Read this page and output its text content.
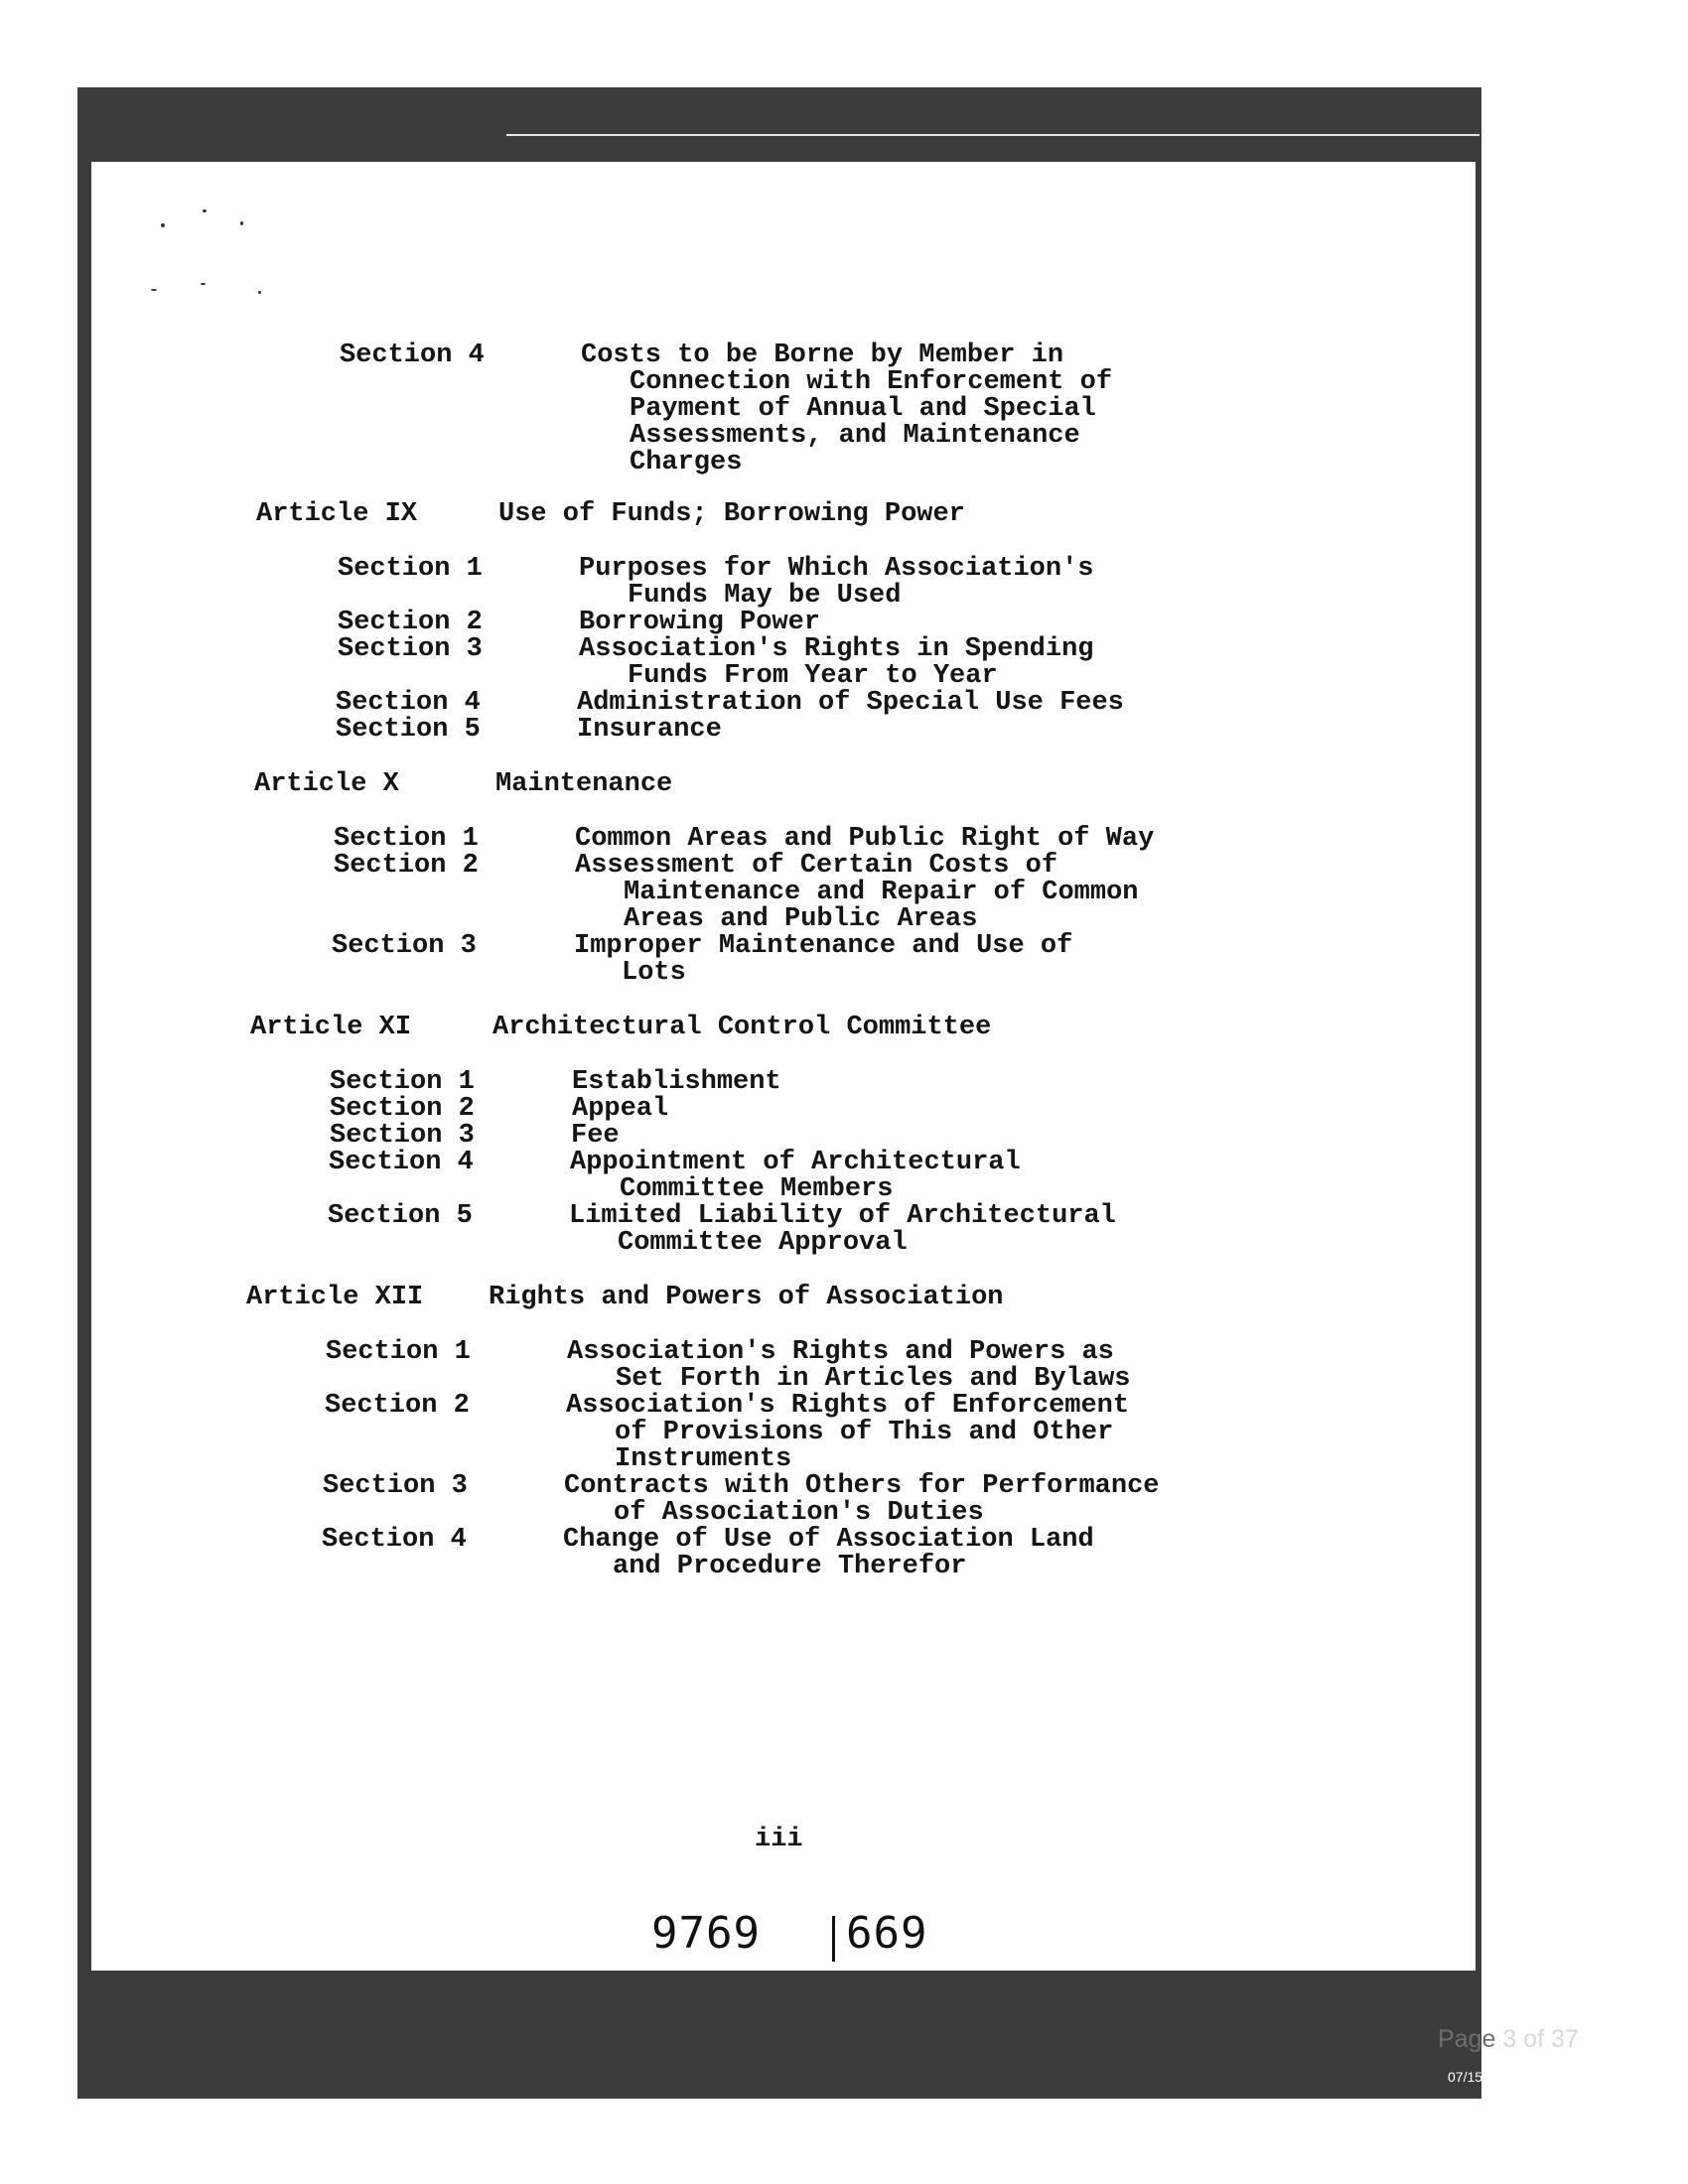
Section 4	Costs to be Borne by Member in
Connection with Enforcement of
Payment of Annual and Special
Assessments, and Maintenance
Charges
Article IX	Use of Funds; Borrowing Power
Section 1	Purposes for Which Association's
Funds May be Used
Section 2	Borrowing Power
Section 3	Association's Rights in Spending
Funds From Year to Year
Section 4	Administration of Special Use Fees
Section 5	Insurance
Article X	Maintenance
Section 1	Common Areas and Public Right of Way
Section 2	Assessment of Certain Costs of
Maintenance and Repair of Common
Areas and Public Areas
Section 3	Improper Maintenance and Use of
Lots
Article XI	Architectural Control Committee
Section 1	Establishment
Section 2	Appeal
Section 3	Fee
Section 4	Appointment of Architectural
Committee Members
Section 5	Limited Liability of Architectural
Committee Approval
Article XII Rights and Powers of Association
Section 1	Association's Rights and Powers as
Set Forth in Articles and Bylaws
Section 2	Association's Rights of Enforcement
of Provisions of This and Other
Instruments
Section 3	Contracts with Others for Performance
of Association's Duties
Section 4	Change of Use of Association Land
and Procedure Therefor
iii
9769 669
Page 3 of 37
07/15/2011 10:51 AM
